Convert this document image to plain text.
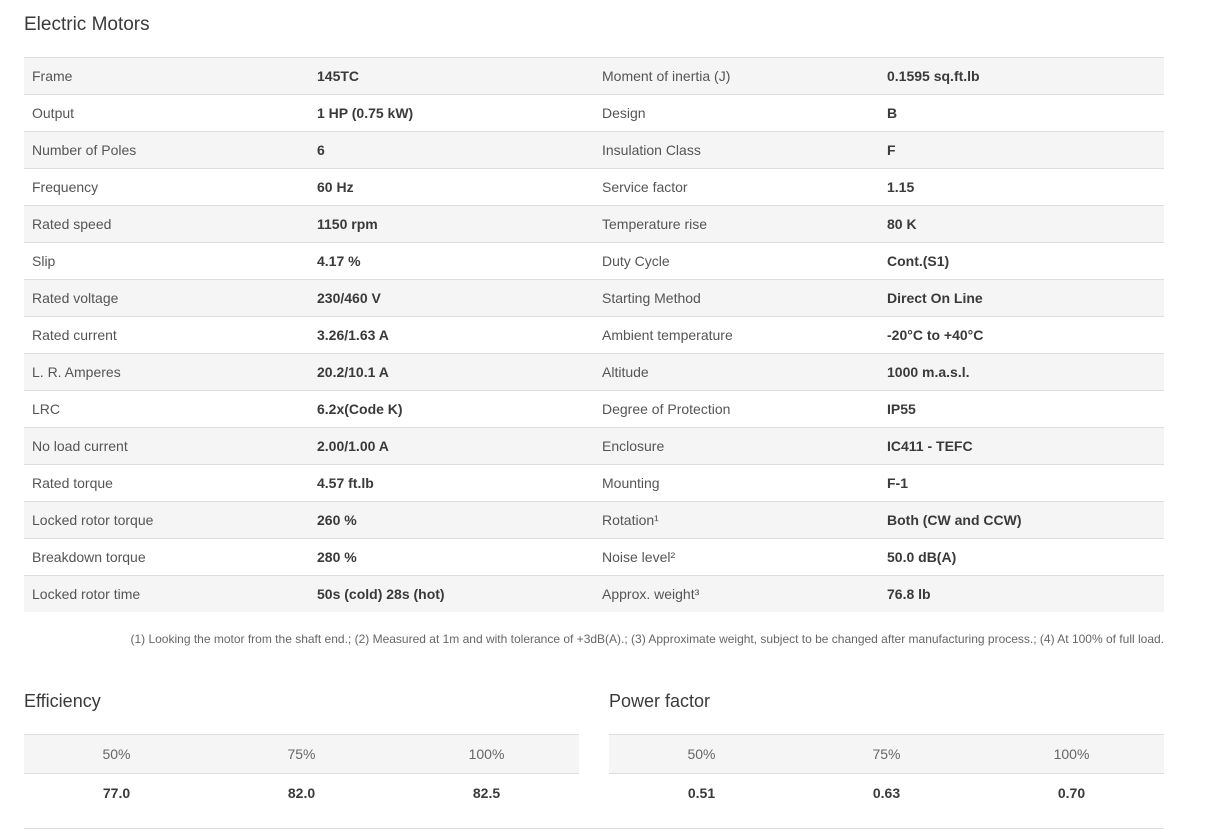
Electric Motors
Frame	145TC	Moment of inertia (J)	0.1595 sq.ft.lb
Output	1 HP (0.75 kW)	Design	B
Number of Poles	6	Insulation Class	F
Frequency	60 Hz	Service factor	1.15
Rated speed	1150 rpm	Temperature rise	80 K
Slip	4.17 %	Duty Cycle	Cont.(S1)
Rated voltage	230/460 V	Starting Method	Direct On Line
Rated current	3.26/1.63 A	Ambient temperature	-20°C to +40°C
L. R. Amperes	20.2/10.1 A	Altitude	1000 m.a.s.l.
LRC	6.2x(Code K)	Degree of Protection	IP55
No load current	2.00/1.00 A	Enclosure	IC411 - TEFC
Rated torque	4.57 ft.lb	Mounting	F-1
Locked rotor torque	260 %	Rotation¹	Both (CW and CCW)
Breakdown torque	280 %	Noise level²	50.0 dB(A)
Locked rotor time	50s (cold) 28s (hot)	Approx. weight³	76.8 lb
(1) Looking the motor from the shaft end.; (2) Measured at 1m and with tolerance of +3dB(A).; (3) Approximate weight, subject to be changed after manufacturing process.; (4) At 100% of full load.
Efficiency
50%	75%	100%
77.0	82.0	82.5
Power factor
50%	75%	100%
0.51	0.63	0.70
